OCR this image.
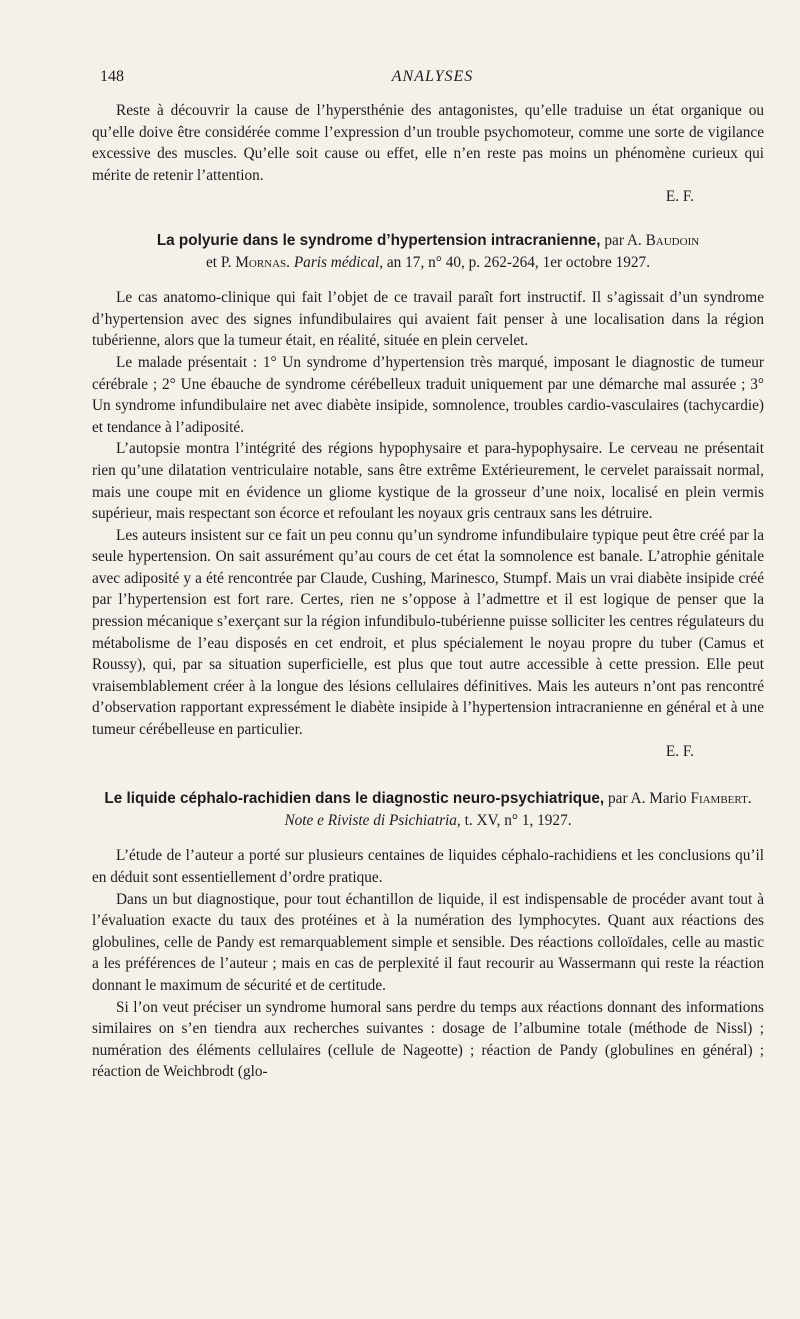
148	ANALYSES

Reste à découvrir la cause de l’hypersthénie des antagonistes, qu’elle traduise un état organique ou qu’elle doive être considérée comme l’expression d’un trouble psychomoteur, comme une sorte de vigilance excessive des muscles. Qu’elle soit cause ou effet, elle n’en reste pas moins un phénomène curieux qui mérite de retenir l’attention.

E. F.
La polyurie dans le syndrome d’hypertension intracranienne, par A. Baudoin
et P. Mornas. Paris médical, an 17, n° 40, p. 262-264, 1er octobre 1927.

Le cas anatomo-clinique qui fait l’objet de ce travail paraît fort instructif. Il s’agissait d’un syndrome d’hypertension avec des signes infundibulaires qui avaient fait penser à une localisation dans la région tubérienne, alors que la tumeur était, en réalité, située en plein cervelet.

Le malade présentait : 1° Un syndrome d’hypertension très marqué, imposant le diagnostic de tumeur cérébrale ; 2° Une ébauche de syndrome cérébelleux traduit uniquement par une démarche mal assurée ; 3° Un syndrome infundibulaire net avec diabète insipide, somnolence, troubles cardio-vasculaires (tachycardie) et tendance à l’adiposité.

L’autopsie montra l’intégrité des régions hypophysaire et para-hypophysaire. Le cerveau ne présentait rien qu’une dilatation ventriculaire notable, sans être extrême Extérieurement, le cervelet paraissait normal, mais une coupe mit en évidence un gliome kystique de la grosseur d’une noix, localisé en plein vermis supérieur, mais respectant son écorce et refoulant les noyaux gris centraux sans les détruire.

Les auteurs insistent sur ce fait un peu connu qu’un syndrome infundibulaire typique peut être créé par la seule hypertension. On sait assurément qu’au cours de cet état la somnolence est banale. L’atrophie génitale avec adiposité y a été rencontrée par Claude, Cushing, Marinesco, Stumpf. Mais un vrai diabète insipide créé par l’hypertension est fort rare. Certes, rien ne s’oppose à l’admettre et il est logique de penser que la pression mécanique s’exerçant sur la région infundibulo-tubérienne puisse solliciter les centres régulateurs du métabolisme de l’eau disposés en cet endroit, et plus spécialement le noyau propre du tuber (Camus et Roussy), qui, par sa situation superficielle, est plus que tout autre accessible à cette pression. Elle peut vraisemblablement créer à la longue des lésions cellulaires définitives. Mais les auteurs n’ont pas rencontré d’observation rapportant expressément le diabète insipide à l’hypertension intracranienne en général et à une tumeur cérébelleuse en particulier.

E. F.
Le liquide céphalo-rachidien dans le diagnostic neuro-psychiatrique, par A. Mario Fiambert. Note e Riviste di Psichiatria, t. XV, n° 1, 1927.

L’étude de l’auteur a porté sur plusieurs centaines de liquides céphalo-rachidiens et les conclusions qu’il en déduit sont essentiellement d’ordre pratique.

Dans un but diagnostique, pour tout échantillon de liquide, il est indispensable de procéder avant tout à l’évaluation exacte du taux des protéines et à la numération des lymphocytes. Quant aux réactions des globulines, celle de Pandy est remarquablement simple et sensible. Des réactions colloïdales, celle au mastic a les préférences de l’auteur ; mais en cas de perplexité il faut recourir au Wassermann qui reste la réaction donnant le maximum de sécurité et de certitude.

Si l’on veut préciser un syndrome humoral sans perdre du temps aux réactions donnant des informations similaires on s’en tiendra aux recherches suivantes : dosage de l’albumine totale (méthode de Nissl) ; numération des éléments cellulaires (cellule de Nageotte) ; réaction de Pandy (globulines en général) ; réaction de Weichbrodt (glo-
